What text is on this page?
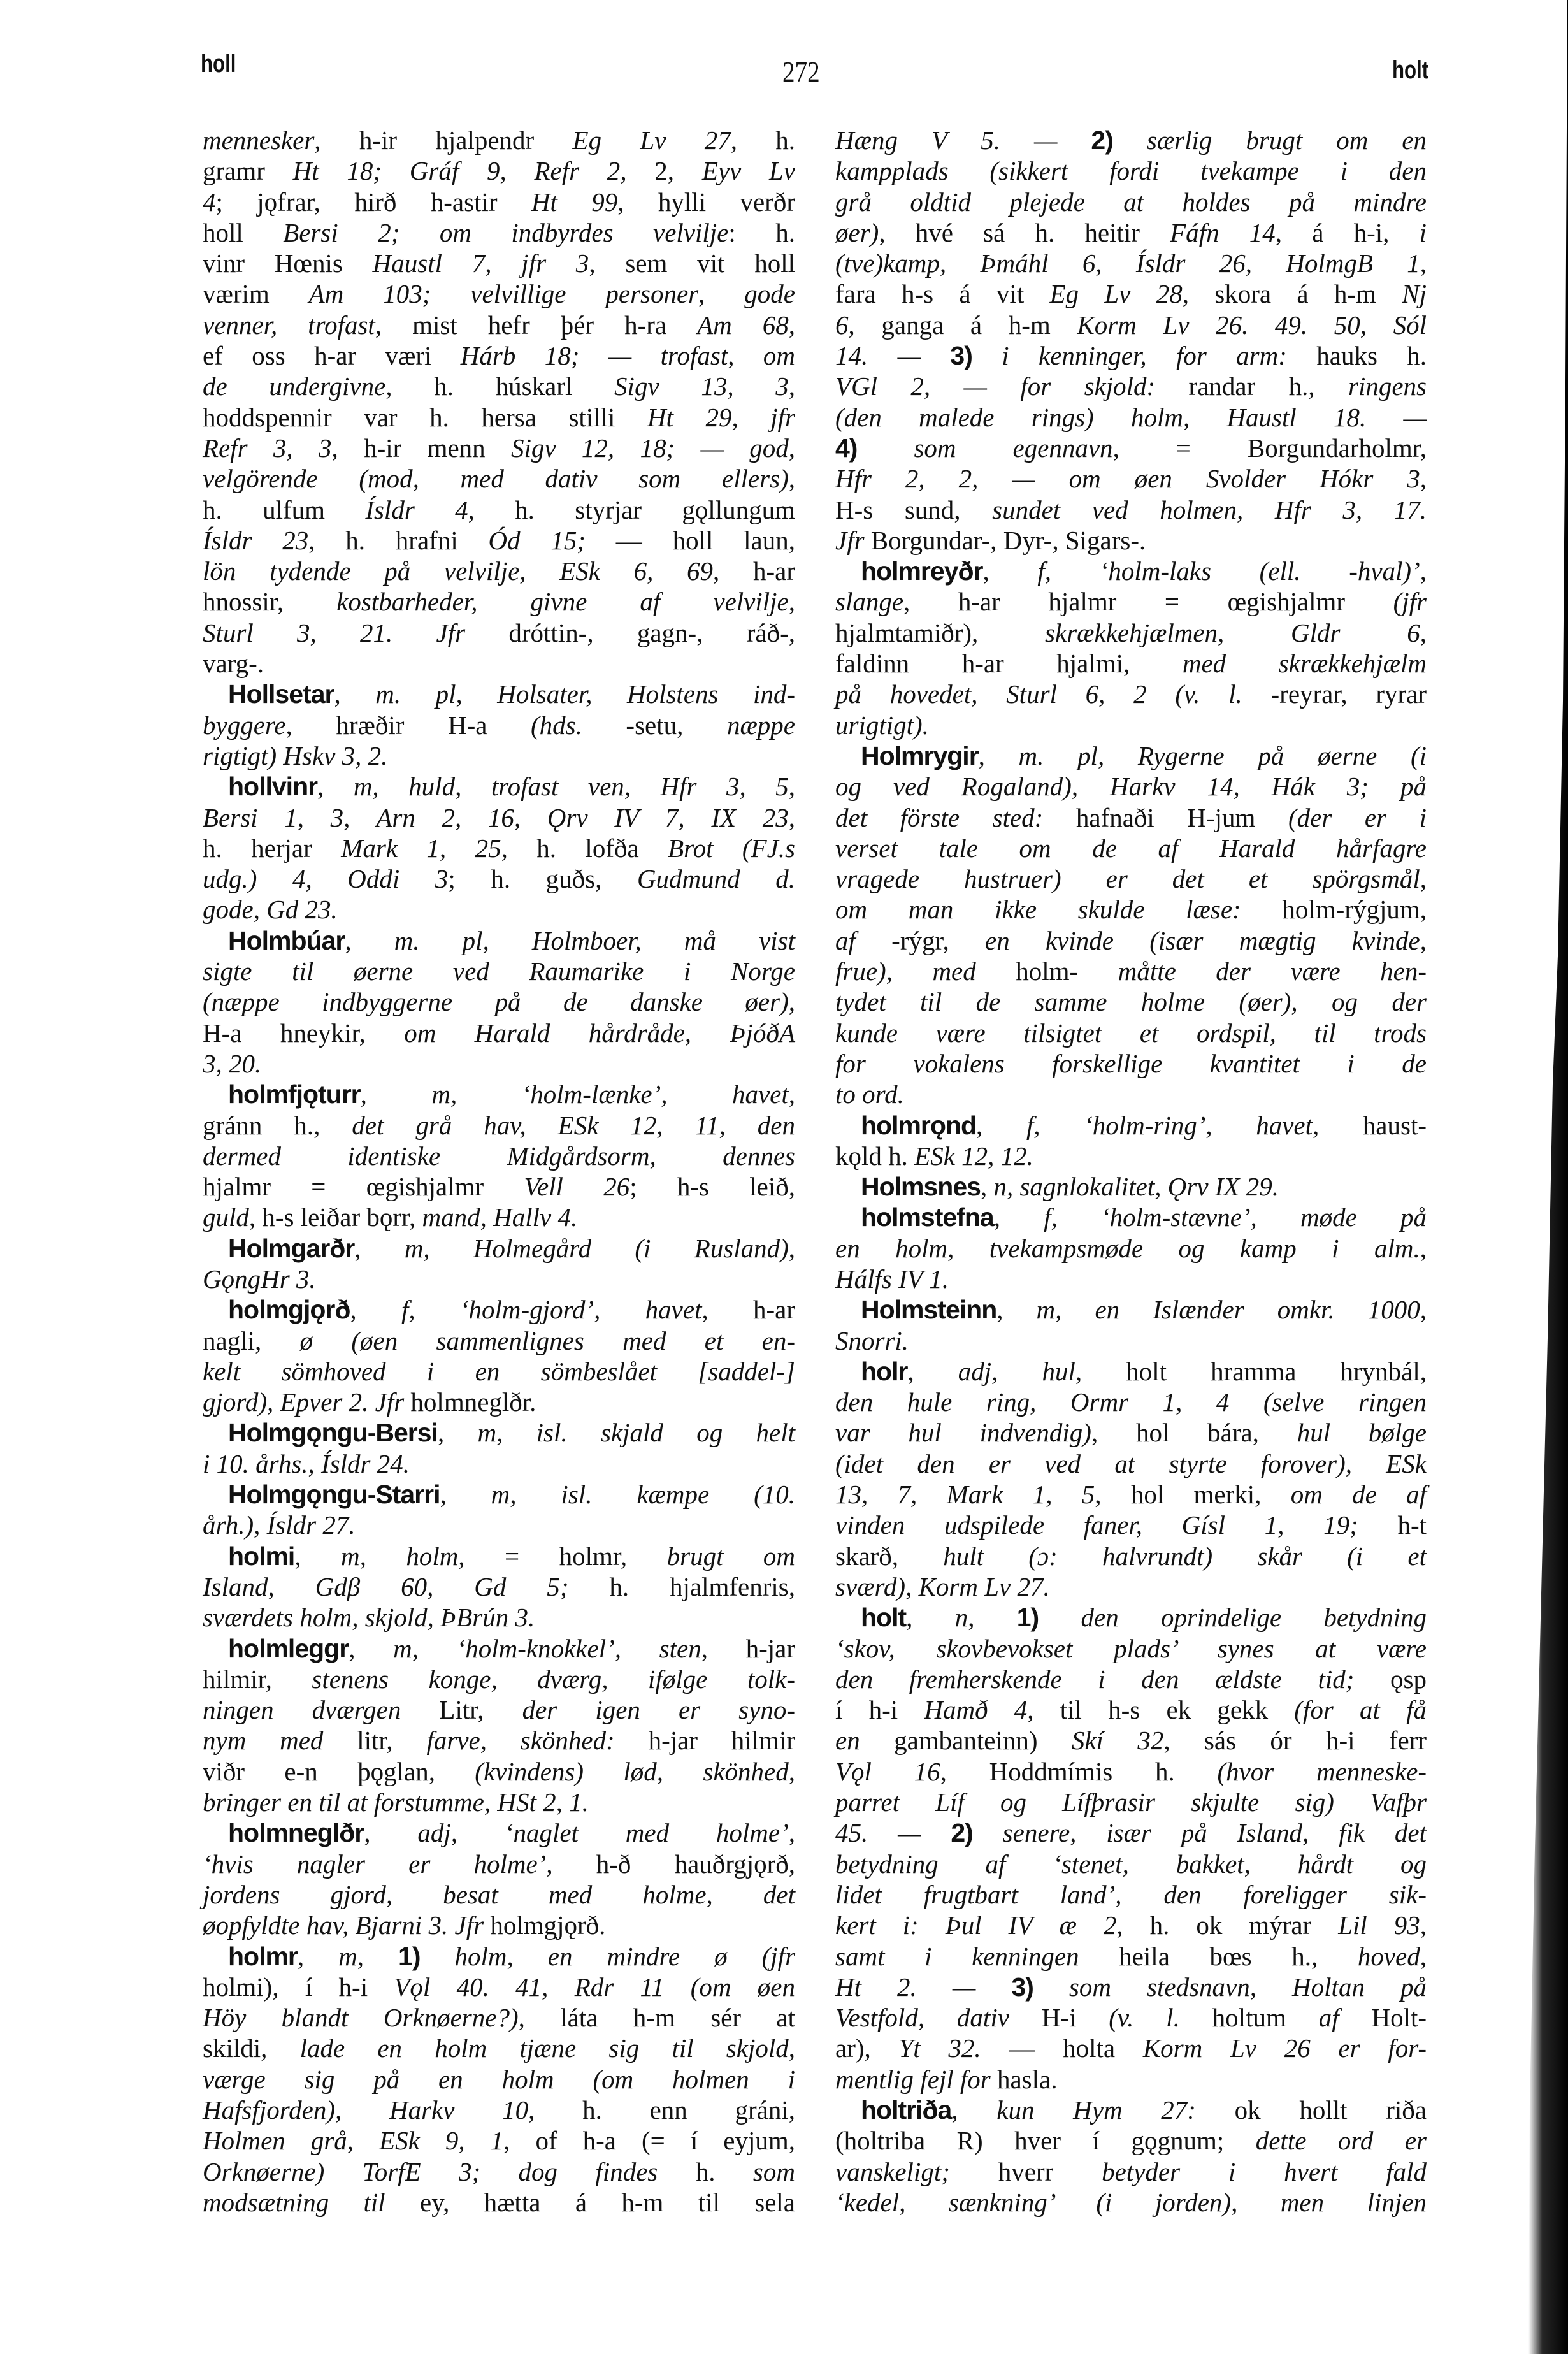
holl	272	holt
mennesker, h-ir hjalpendr Eg Lv 27, h.
gramr Ht 18; Gráf 9, Refr 2, 2, Eyv Lv
4; jǫfrar, hirð h-astir Ht 99, hylli verðr
holl Bersi 2; om indbyrdes velvilje: h.
vinr Hœnis Haustl 7, jfr 3, sem vit holl
værim Am 103; velvillige personer, gode
venner, trofast, mist hefr þér h-ra Am 68,
ef oss h-ar væri Hárb 18; — trofast, om
de undergivne, h. húskarl Sigv 13, 3,
hoddspennir var h. hersa stilli Ht 29, jfr
Refr 3, 3, h-ir menn Sigv 12, 18; — god,
velgörende (mod, med dativ som ellers),
h. ulfum Ísldr 4, h. styrjar gǫllungum
Ísldr 23, h. hrafni Ód 15; — holl laun,
lön tydende på velvilje, ESk 6, 69, h-ar
hnossir, kostbarheder, givne af velvilje,
Sturl 3, 21. Jfr dróttin-, gagn-, ráð-,
varg-.
Hollsetar, m. pl, Holsater, Holstens ind-
byggere, hræðir H-a (hds. -setu, næppe
rigtigt) Hskv 3, 2.
hollvinr, m, huld, trofast ven, Hfr 3, 5,
Bersi 1, 3, Arn 2, 16, Ǫrv IV 7, IX 23,
h. herjar Mark 1, 25, h. lofða Brot (FJ.s
udg.) 4, Oddi 3; h. guðs, Gudmund d.
gode, Gd 23.
Holmbúar, m. pl, Holmboer, må vist
sigte til øerne ved Raumarike i Norge
(næppe indbyggerne på de danske øer),
H-a hneykir, om Harald hårdråde, ÞjóðA
3, 20.
holmfjǫturr, m, ‘holm-lænke’, havet,
gránn h., det grå hav, ESk 12, 11, den
dermed identiske Midgårdsorm, dennes
hjalmr = œgishjalmr Vell 26; h-s leið,
guld, h-s leiðar bǫrr, mand, Hallv 4.
Holmgarðr, m, Holmegård (i Rusland),
GǫngHr 3.
holmgjǫrð, f, ‘holm-gjord’, havet, h-ar
nagli, ø (øen sammenlignes med et en-
kelt sömhoved i en sömbeslået [saddel-]
gjord), Epver 2. Jfr holmneglðr.
Holmgǫngu-Bersi, m, isl. skjald og helt
i 10. århs., Ísldr 24.
Holmgǫngu-Starri, m, isl. kæmpe (10.
årh.), Ísldr 27.
holmi, m, holm, = holmr, brugt om
Island, Gdβ 60, Gd 5; h. hjalmfenris,
sværdets holm, skjold, ÞBrún 3.
holmleggr, m, ‘holm-knokkel’, sten, h-jar
hilmir, stenens konge, dværg, ifølge tolk-
ningen dværgen Litr, der igen er syno-
nym med litr, farve, skönhed: h-jar hilmir
viðr e-n þǫglan, (kvindens) lød, skönhed,
bringer en til at forstumme, HSt 2, 1.
holmneglðr, adj, ‘naglet med holme’,
‘hvis nagler er holme’, h-ð hauðrgjǫrð,
jordens gjord, besat med holme, det
øopfyldte hav, Bjarni 3. Jfr holmgjǫrð.
holmr, m, 1) holm, en mindre ø (jfr
holmi), í h-i Vǫl 40. 41, Rdr 11 (om øen
Höy blandt Orknøerne?), láta h-m sér at
skildi, lade en holm tjæne sig til skjold,
værge sig på en holm (om holmen i
Hafsfjorden), Harkv 10, h. enn gráni,
Holmen grå, ESk 9, 1, of h-a (= í eyjum,
Orknøerne) TorfE 3; dog findes h. som
modsætning til ey, hætta á h-m til sela
Hæng V 5. — 2) særlig brugt om en
kampplads (sikkert fordi tvekampe i den
grå oldtid plejede at holdes på mindre
øer), hvé sá h. heitir Fáfn 14, á h-i, i
(tve)kamp, Þmáhl 6, Ísldr 26, HolmgB 1,
fara h-s á vit Eg Lv 28, skora á h-m Nj
6, ganga á h-m Korm Lv 26. 49. 50, Sól
14. — 3) i kenninger, for arm: hauks h.
VGl 2, — for skjold: randar h., ringens
(den malede rings) holm, Haustl 18. —
4) som egennavn, = Borgundarholmr,
Hfr 2, 2, — om øen Svolder Hókr 3,
H-s sund, sundet ved holmen, Hfr 3, 17.
Jfr Borgundar-, Dyr-, Sigars-.
holmreyðr, f, ‘holm-laks (ell. -hval)’,
slange, h-ar hjalmr = œgishjalmr (jfr
hjalmtamiðr), skrækkehjælmen, Gldr 6,
faldinn h-ar hjalmi, med skrækkehjælm
på hovedet, Sturl 6, 2 (v. l. -reyrar, ryrar
urigtigt).
Holmrygir, m. pl, Rygerne på øerne (i
og ved Rogaland), Harkv 14, Hák 3; på
det förste sted: hafnaði H-jum (der er i
verset tale om de af Harald hårfagre
vragede hustruer) er det et spörgsmål,
om man ikke skulde læse: holm-rýgjum,
af -rýgr, en kvinde (især mægtig kvinde,
frue), med holm- måtte der være hen-
tydet til de samme holme (øer), og der
kunde være tilsigtet et ordspil, til trods
for vokalens forskellige kvantitet i de
to ord.
holmrǫnd, f, ‘holm-ring’, havet, haust-
kǫld h. ESk 12, 12.
Holmsnes, n, sagnlokalitet, Ǫrv IX 29.
holmstefna, f, ‘holm-stævne’, møde på
en holm, tvekampsmøde og kamp i alm.,
Hálfs IV 1.
Holmsteinn, m, en Islænder omkr. 1000,
Snorri.
holr, adj, hul, holt hramma hrynbál,
den hule ring, Ormr 1, 4 (selve ringen
var hul indvendig), hol bára, hul bølge
(idet den er ved at styrte forover), ESk
13, 7, Mark 1, 5, hol merki, om de af
vinden udspilede faner, Gísl 1, 19; h-t
skarð, hult (ɔ: halvrundt) skår (i et
sværd), Korm Lv 27.
holt, n, 1) den oprindelige betydning
‘skov, skovbevokset plads’ synes at være
den fremherskende i den ældste tid; ǫsp
í h-i Hamð 4, til h-s ek gekk (for at få
en gambanteinn) Skí 32, sás ór h-i ferr
Vǫl 16, Hoddmímis h. (hvor menneske-
parret Líf og Lífþrasir skjulte sig) Vafþr
45. — 2) senere, især på Island, fik det
betydning af ‘stenet, bakket, hårdt og
lidet frugtbart land’, den foreligger sik-
kert i: Þul IV æ 2, h. ok mýrar Lil 93,
samt i kenningen heila bœs h., hoved,
Ht 2. — 3) som stedsnavn, Holtan på
Vestfold, dativ H-i (v. l. holtum af Holt-
ar), Yt 32. — holta Korm Lv 26 er for-
mentlig fejl for hasla.
holtriða, kun Hym 27: ok hollt riða
(holtriba R) hver í gǫgnum; dette ord er
vanskeligt; hverr betyder i hvert fald
‘kedel, sænkning’ (i jorden), men linjen
